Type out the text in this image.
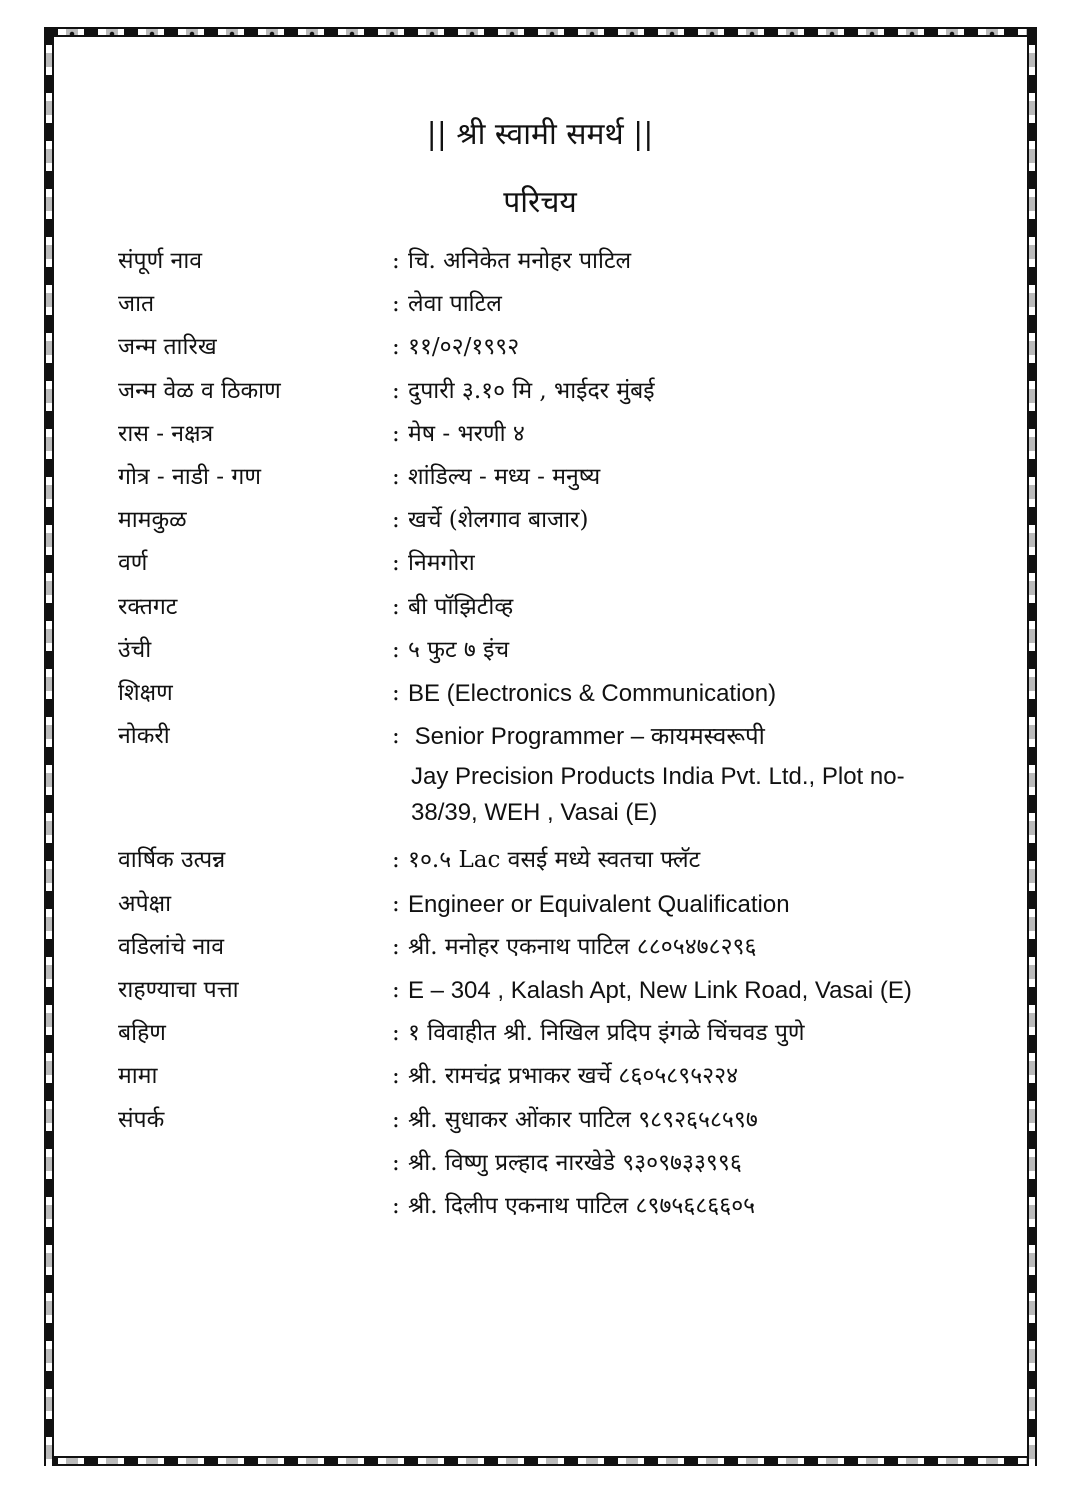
|| श्री स्वामी समर्थ ||
परिचय
संपूर्ण नाव	: चि. अनिकेत मनोहर पाटिल
जात	: लेवा पाटिल
जन्म तारिख	: ११/०२/१९९२
जन्म वेळ व ठिकाण	: दुपारी ३.१० मि , भाईदर मुंबई
रास - नक्षत्र	: मेष - भरणी ४
गोत्र - नाडी - गण	: शांडिल्य - मध्य - मनुष्य
मामकुळ	: खर्चे (शेलगाव बाजार)
वर्ण	: निमगोरा
रक्तगट	: बी पॉझिटीव्ह
उंची	: ५ फुट ७ इंच
शिक्षण	: BE (Electronics & Communication)
नोकरी	: Senior Programmer – कायमस्वरूपी
Jay Precision Products India Pvt. Ltd., Plot no-
38/39, WEH , Vasai (E)
वार्षिक उत्पन्न	: १०.५ Lac वसई मध्ये स्वतचा फ्लॅट
अपेक्षा	: Engineer or Equivalent Qualification
वडिलांचे नाव	: श्री. मनोहर एकनाथ पाटिल ८८०५४७८२९६
राहण्याचा पत्ता	: E – 304 , Kalash Apt, New Link Road, Vasai (E)
बहिण	: १ विवाहीत श्री. निखिल प्रदिप इंगळे चिंचवड पुणे
मामा	: श्री. रामचंद्र प्रभाकर खर्चे ८६०५८९५२२४
संपर्क	: श्री. सुधाकर ओंकार पाटिल ९८९२६५८५९७
: श्री. विष्णु प्रल्हाद नारखेडे ९३०९७३३९९६
: श्री. दिलीप एकनाथ पाटिल ८९७५६८६६०५
